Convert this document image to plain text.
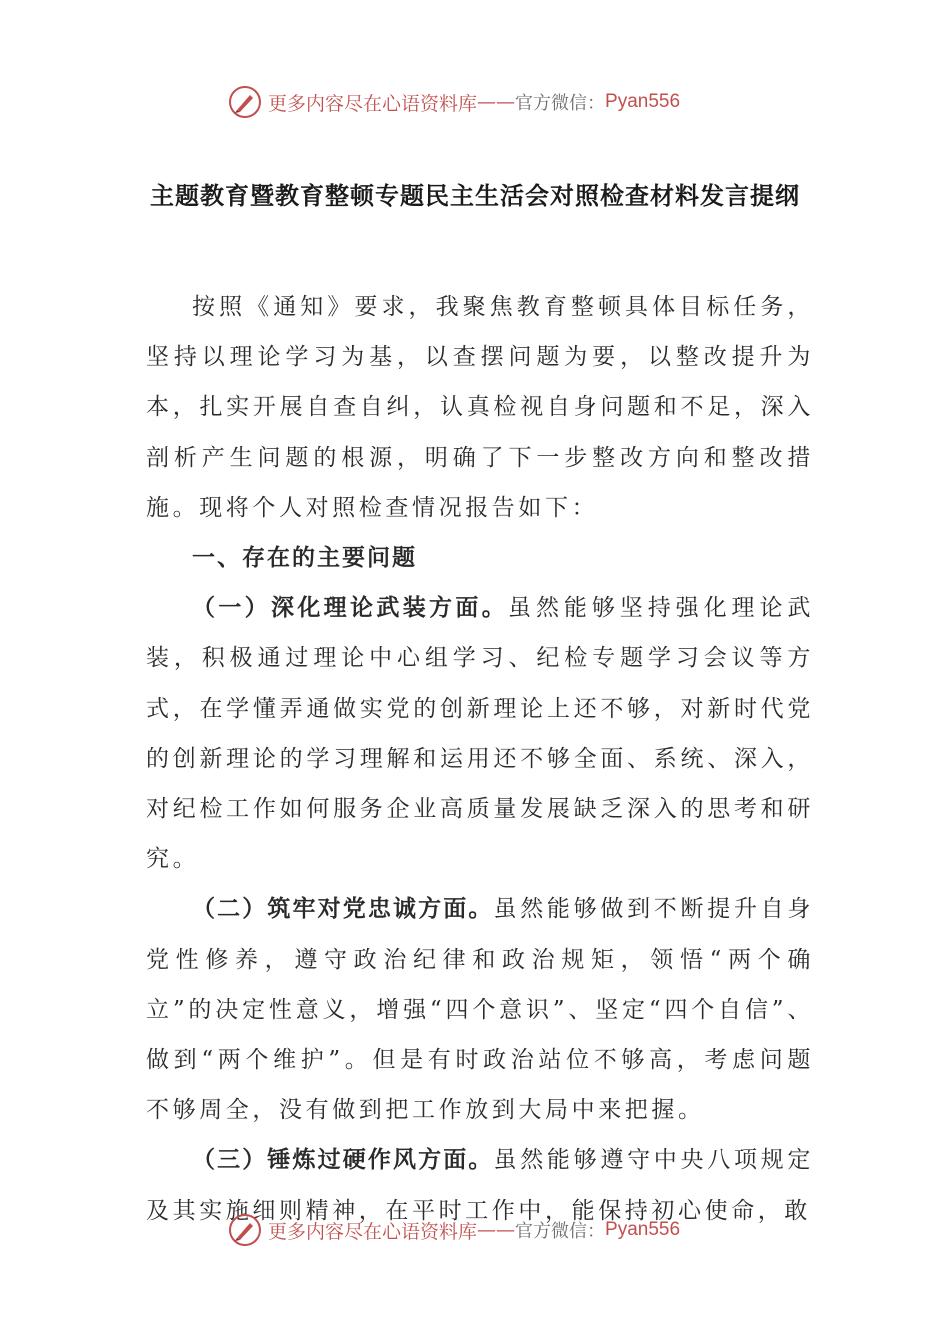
更多内容尽在心语资料库 —— 官方微信： Pyan556
主题教育暨教育整顿专题民主生活会对照检查材料发言提纲

按照《通知》要求，我聚焦教育整顿具体目标任务，坚持以理论学习为基，以查摆问题为要，以整改提升为本，扎实开展自查自纠，认真检视自身问题和不足，深入剖析产生问题的根源，明确了下一步整改方向和整改措施。现将个人对照检查情况报告如下：

一、存在的主要问题

（一）深化理论武装方面。虽然能够坚持强化理论武装，积极通过理论中心组学习、纪检专题学习会议等方式，在学懂弄通做实党的创新理论上还不够，对新时代党的创新理论的学习理解和运用还不够全面、系统、深入，对纪检工作如何服务企业高质量发展缺乏深入的思考和研究。

（二）筑牢对党忠诚方面。虽然能够做到不断提升自身党性修养，遵守政治纪律和政治规矩，领悟“两个确立”的决定性意义，增强“四个意识”、坚定“四个自信”、做到“两个维护”。但是有时政治站位不够高，考虑问题不够周全，没有做到把工作放到大局中来把握。

（三）锤炼过硬作风方面。虽然能够遵守中央八项规定及其实施细则精神，在平时工作中，能保持初心使命，敢

更多内容尽在心语资料库 —— 官方微信： Pyan556
